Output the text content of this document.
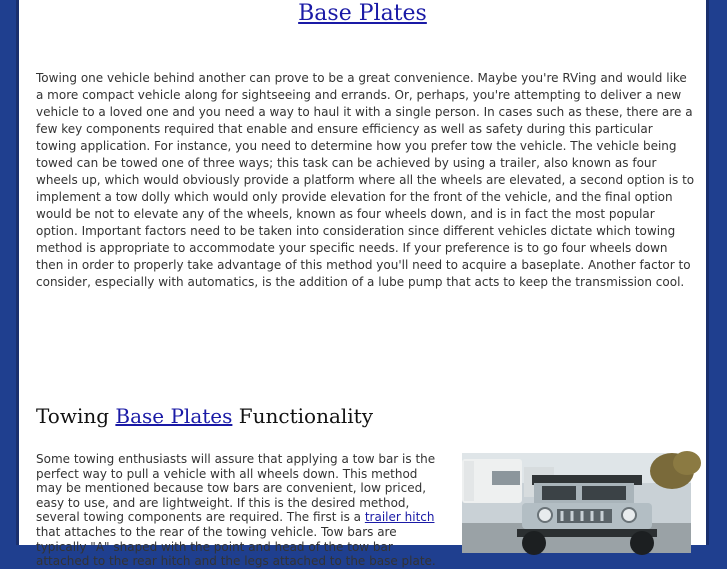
Base Plates

Towing one vehicle behind another can prove to be a great convenience. Maybe you're RVing and would like a more compact vehicle along for sightseeing and errands. Or, perhaps, you're attempting to deliver a new vehicle to a loved one and you need a way to haul it with a single person. In cases such as these, there are a few key components required that enable and ensure efficiency as well as safety during this particular towing application. For instance, you need to determine how you prefer tow the vehicle. The vehicle being towed can be towed one of three ways; this task can be achieved by using a trailer, also known as four wheels up, which would obviously provide a platform where all the wheels are elevated, a second option is to implement a tow dolly which would only provide elevation for the front of the vehicle, and the final option would be not to elevate any of the wheels, known as four wheels down, and is in fact the most popular option. Important factors need to be taken into consideration since different vehicles dictate which towing method is appropriate to accommodate your specific needs. If your preference is to go four wheels down then in order to properly take advantage of this method you'll need to acquire a baseplate. Another factor to consider, especially with automatics, is the addition of a lube pump that acts to keep the transmission cool.

Towing Base Plates Functionality

Some towing enthusiasts will assure that applying a tow bar is the perfect way to pull a vehicle with all wheels down. This method may be mentioned because tow bars are convenient, low priced, easy to use, and are lightweight. If this is the desired method, several towing components are required. The first is a trailer hitch that attaches to the rear of the towing vehicle. Tow bars are typically "A" shaped with the point and head of the tow bar attached to the rear hitch and the legs attached to the base plate.
